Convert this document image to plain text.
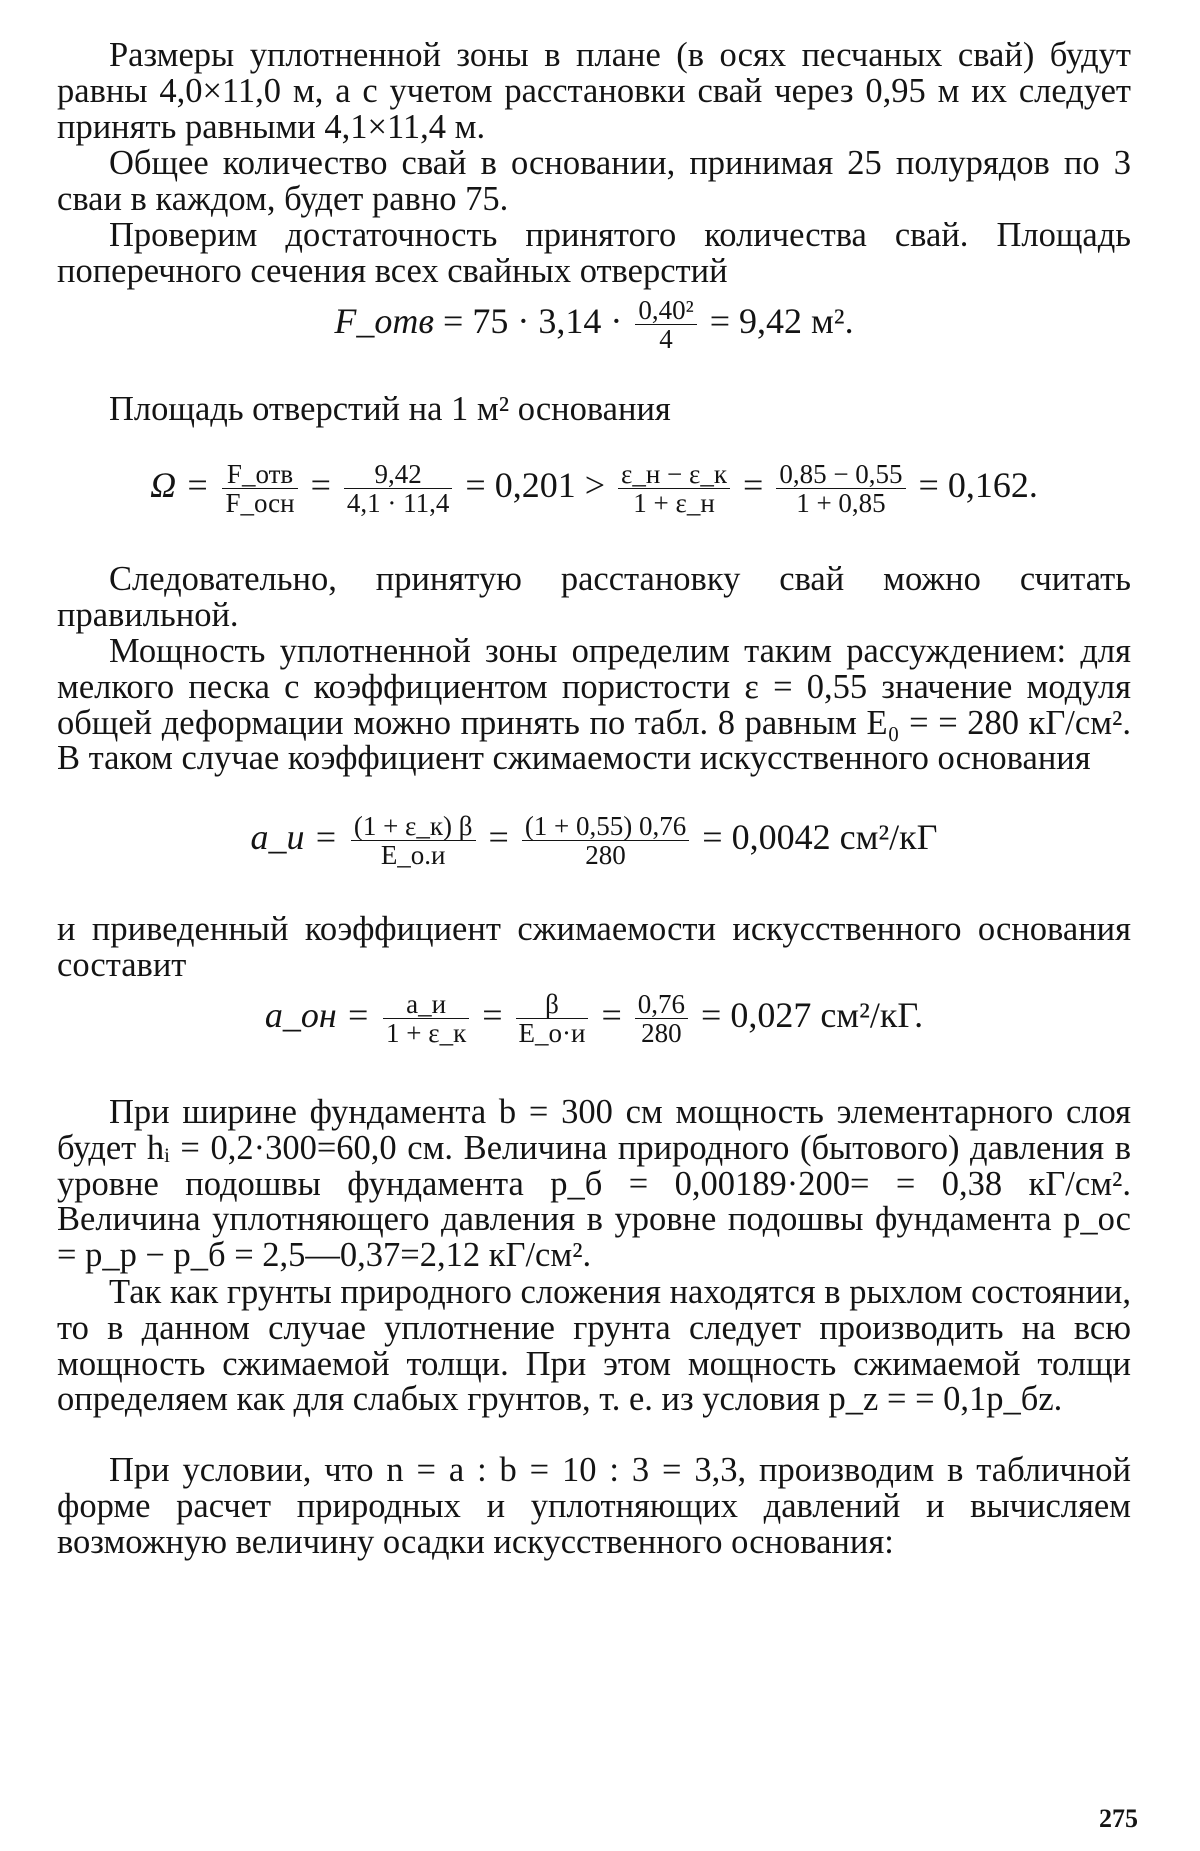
Размеры уплотненной зоны в плане (в осях песчаных свай) будут равны 4,0×11,0 м, а с учетом расстановки свай через 0,95 м их следует принять равными 4,1×11,4 м.

Общее количество свай в основании, принимая 25 полурядов по 3 сваи в каждом, будет равно 75.

Проверим достаточность принятого количества свай. Площадь поперечного сечения всех свайных отверстий

F_отв = $75 \cdot 3,14 \cdot \frac{\text{0,40²}}{4} = 9,42$ м².

Площадь отверстий на 1 м² основания

$\Omega = \frac{\text{F\_отв}}{\text{F\_осн}} = \frac{9,42}{4,1 \cdot 11,4} = 0,201 > \frac{\varepsilon\_н - \varepsilon\_к}{1 + \varepsilon\_н} = \frac{0,85 - 0,55}{1 + 0,85} = 0,162$.

Следовательно, принятую расстановку свай можно считать правильной.

Мощность уплотненной зоны определим таким рассуждением: для мелкого песка с коэффициентом пористости ε = 0,55 значение модуля общей деформации можно принять по табл. 8 равным E₀ = = 280 кГ/см². В таком случае коэффициент сжимаемости искусственного основания

a_и = $\frac{(1 + \varepsilon\_к) \beta}{E\_о.и} = \frac{(1 + 0,55) 0,76}{280} = 0,0042$ см²/кГ

и приведенный коэффициент сжимаемости искусственного основания составит

a_он = $\frac{a\_и}{1 + \varepsilon\_к} = \frac{\beta}{E\_о\cdot и} = \frac{0,76}{280} = 0,027$ см²/кГ.

При ширине фундамента b = 300 см мощность элементарного слоя будет hᵢ = 0,2·300=60,0 см. Величина природного (бытового) давления в уровне подошвы фундамента p_б = 0,00189·200= = 0,38 кГ/см². Величина уплотняющего давления в уровне подошвы фундамента p_ос = p_р − p_б = 2,5—0,37=2,12 кГ/см².

Так как грунты природного сложения находятся в рыхлом состоянии, то в данном случае уплотнение грунта следует производить на всю мощность сжимаемой толщи. При этом мощность сжимаемой толщи определяем как для слабых грунтов, т. е. из условия p_z = = 0,1p_бz.

При условии, что n = a : b = 10 : 3 = 3,3, производим в табличной форме расчет природных и уплотняющих давлений и вычисляем возможную величину осадки искусственного основания:

275
